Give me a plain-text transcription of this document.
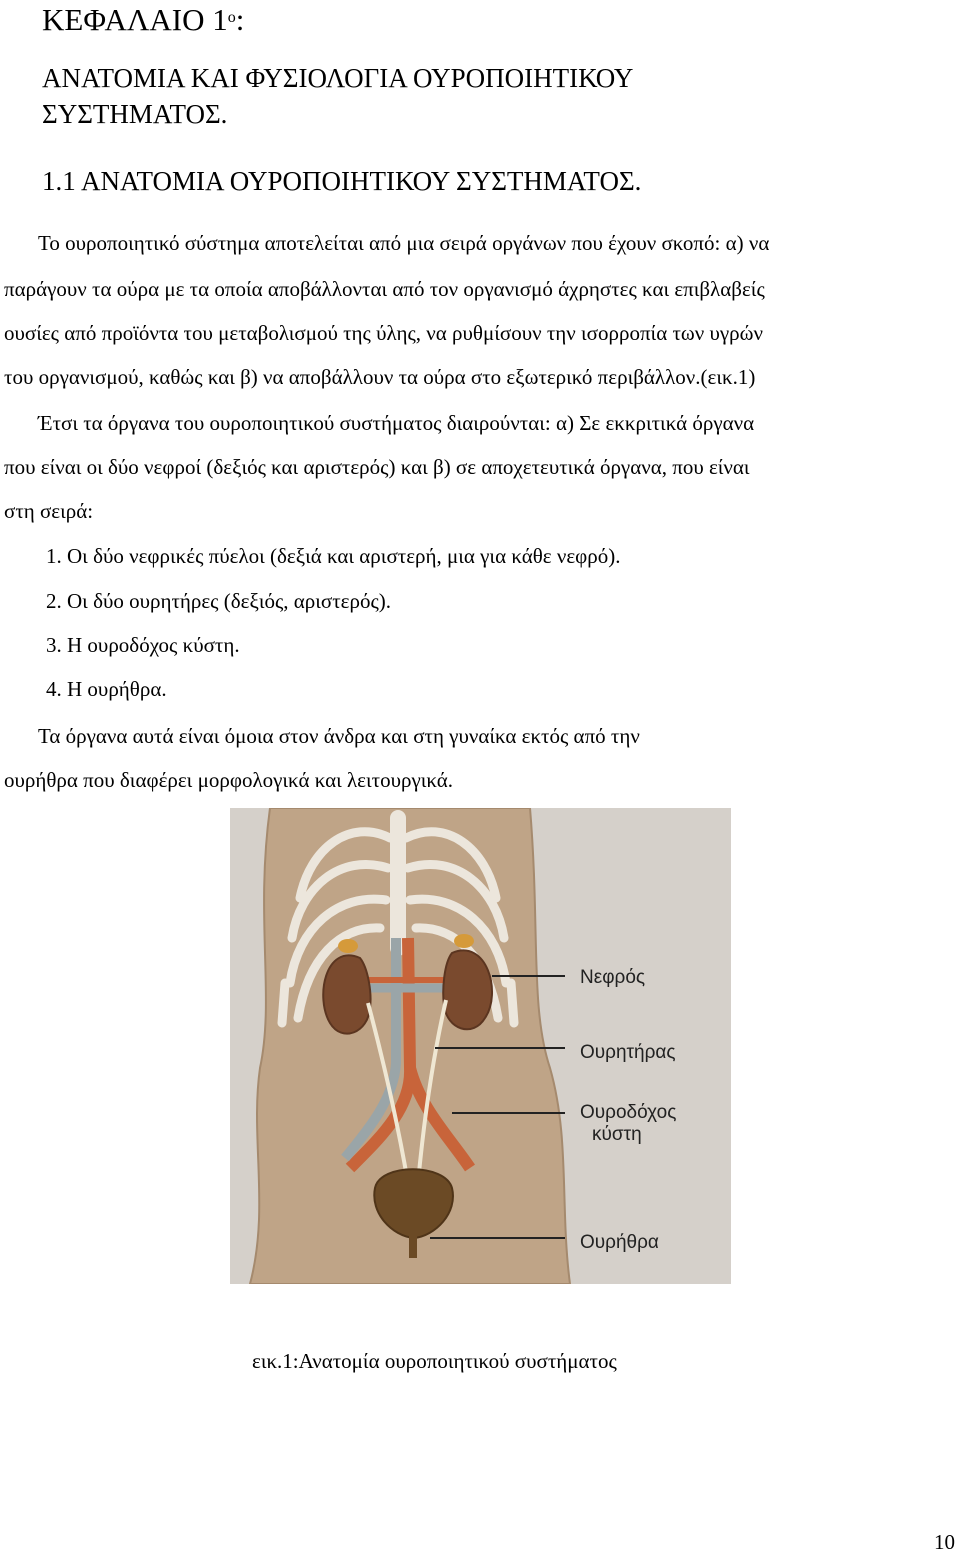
ΚΕΦΑΛΑΙΟ $1^o$:
ΑΝΑΤΟΜΙΑ ΚΑΙ ΦΥΣΙΟΛΟΓΙΑ ΟΥΡΟΠΟΙΗΤΙΚΟΥ
ΣΥΣΤΗΜΑΤΟΣ.
1.1 ΑΝΑΤΟΜΙΑ ΟΥΡΟΠΟΙΗΤΙΚΟΥ ΣΥΣΤΗΜΑΤΟΣ.
Το ουροποιητικό σύστημα αποτελείται από μια σειρά οργάνων που έχουν σκοπό: α) να
παράγουν τα ούρα με τα οποία αποβάλλονται από τον οργανισμό άχρηστες και επιβλαβείς
ουσίες από προϊόντα του μεταβολισμού της ύλης, να ρυθμίσουν την ισορροπία των υγρών
του οργανισμού, καθώς και β) να αποβάλλουν τα ούρα στο εξωτερικό περιβάλλον.(εικ.1)
Έτσι τα όργανα του ουροποιητικού συστήματος διαιρούνται: α) Σε εκκριτικά όργανα
που είναι οι δύο νεφροί (δεξιός και αριστερός) και β) σε αποχετευτικά όργανα, που είναι
στη σειρά:
1. Οι δύο νεφρικές πύελοι (δεξιά και αριστερή, μια για κάθε νεφρό).
2. Οι δύο ουρητήρες (δεξιός, αριστερός).
3. Η ουροδόχος κύστη.
4. Η ουρήθρα.
Τα όργανα αυτά είναι όμοια στον άνδρα και στη γυναίκα εκτός από την
ουρήθρα που διαφέρει μορφολογικά και λειτουργικά.
Νεφρός
Ουρητήρας
Ουροδόχος
κύστη
Ουρήθρα
εικ.1:Ανατομία ουροποιητικού συστήματος
10
